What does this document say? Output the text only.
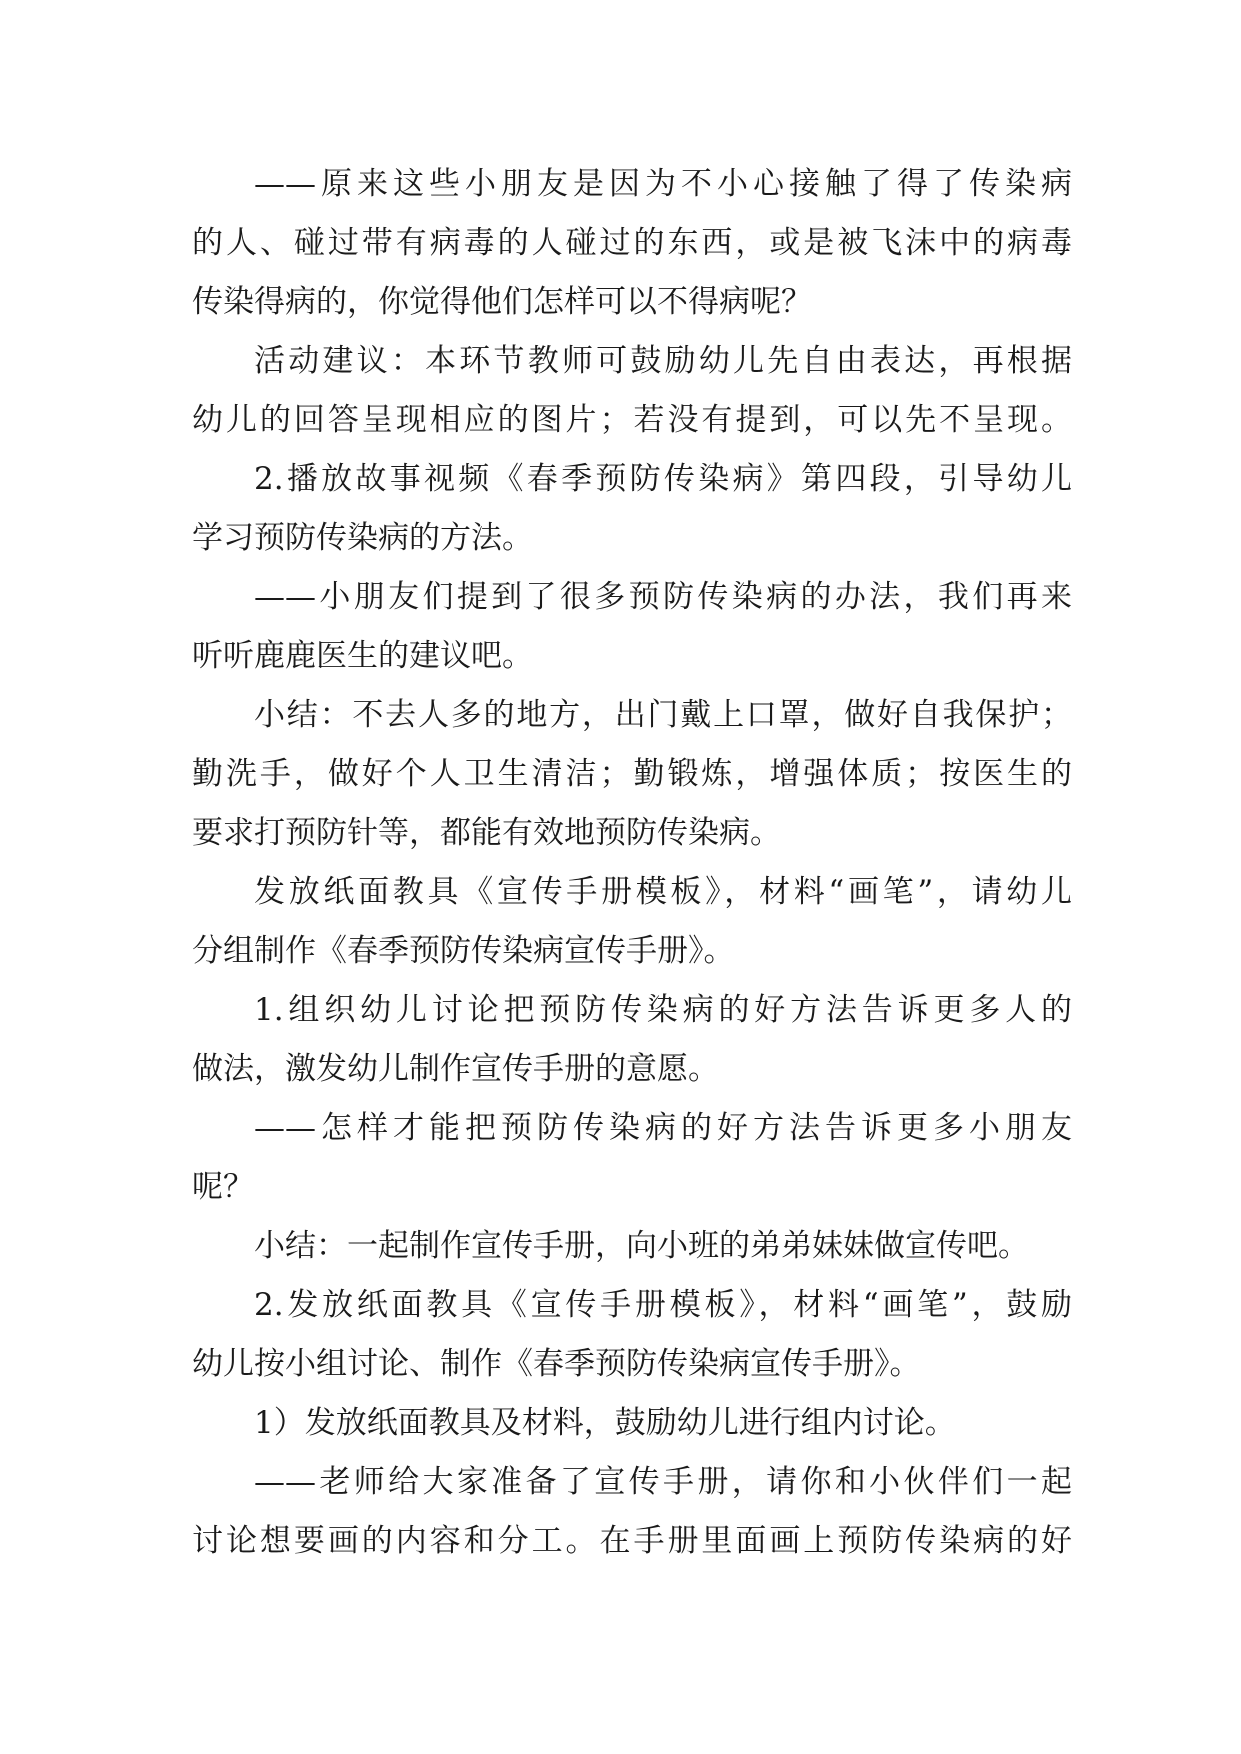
——原来这些小朋友是因为不小心接触了得了传染病
的人、碰过带有病毒的人碰过的东西，或是被飞沫中的病毒
传染得病的，你觉得他们怎样可以不得病呢？
活动建议：本环节教师可鼓励幼儿先自由表达，再根据
幼儿的回答呈现相应的图片；若没有提到，可以先不呈现。
2.播放故事视频《春季预防传染病》第四段，引导幼儿
学习预防传染病的方法。
——小朋友们提到了很多预防传染病的办法，我们再来
听听鹿鹿医生的建议吧。
小结：不去人多的地方，出门戴上口罩，做好自我保护；
勤洗手，做好个人卫生清洁；勤锻炼，增强体质；按医生的
要求打预防针等，都能有效地预防传染病。
发放纸面教具《宣传手册模板》，材料“画笔”，请幼儿
分组制作《春季预防传染病宣传手册》。
1.组织幼儿讨论把预防传染病的好方法告诉更多人的
做法，激发幼儿制作宣传手册的意愿。
——怎样才能把预防传染病的好方法告诉更多小朋友
呢？
小结：一起制作宣传手册，向小班的弟弟妹妹做宣传吧。
2.发放纸面教具《宣传手册模板》，材料“画笔”，鼓励
幼儿按小组讨论、制作《春季预防传染病宣传手册》。
1）发放纸面教具及材料，鼓励幼儿进行组内讨论。
——老师给大家准备了宣传手册，请你和小伙伴们一起
讨论想要画的内容和分工。在手册里面画上预防传染病的好
